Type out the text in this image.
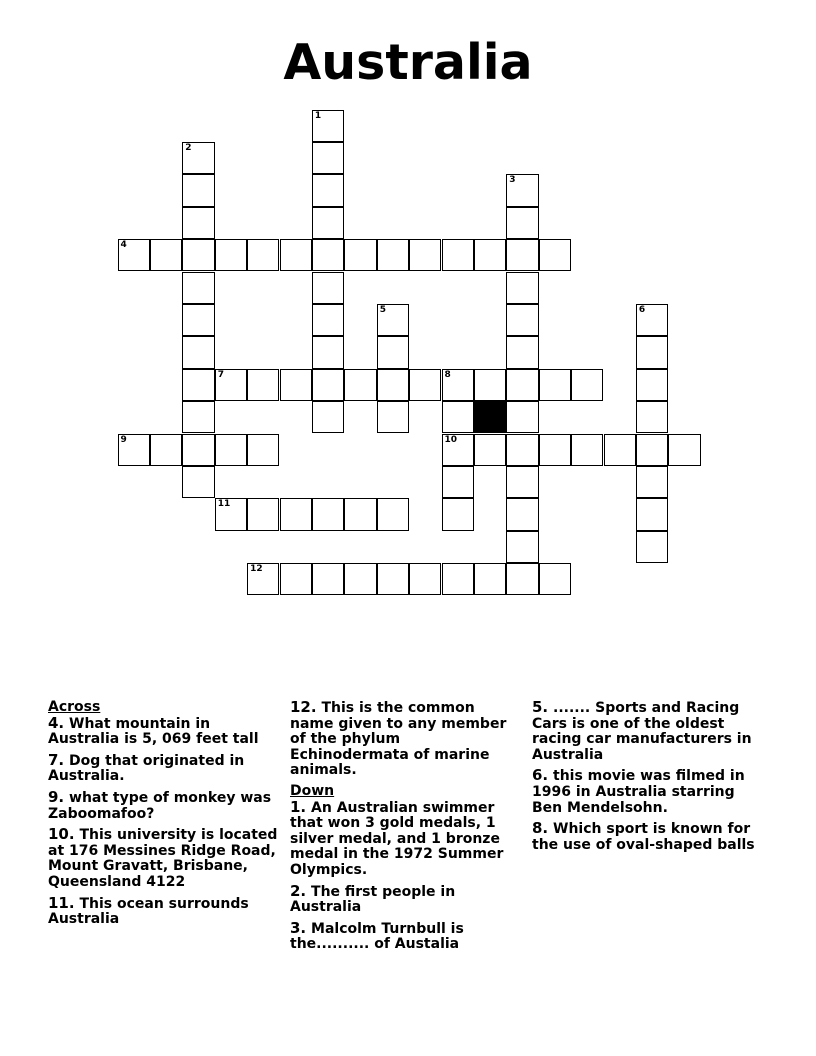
Australia
1
2
3
4
5	6
7	8
10
9
11
12

Across

4. What mountain in Australia is 5, 069 feet tall

7. Dog that originated in Australia.

9. what type of monkey was Zaboomafoo?

10. This university is located at 176 Messines Ridge Road, Mount Gravatt, Brisbane, Queensland 4122

11. This ocean surrounds Australia

12. This is the common name given to any member of the phylum Echinodermata of marine animals.

Down

1. An Australian swimmer that won 3 gold medals, 1 silver medal, and 1 bronze medal in the 1972 Summer Olympics.

2. The first people in Australia

3. Malcolm Turnbull is the.......... of Austalia

5. ....... Sports and Racing Cars is one of the oldest racing car manufacturers in Australia

6. this movie was filmed in 1996 in Australia starring Ben Mendelsohn.

8. Which sport is known for the use of oval-shaped balls
